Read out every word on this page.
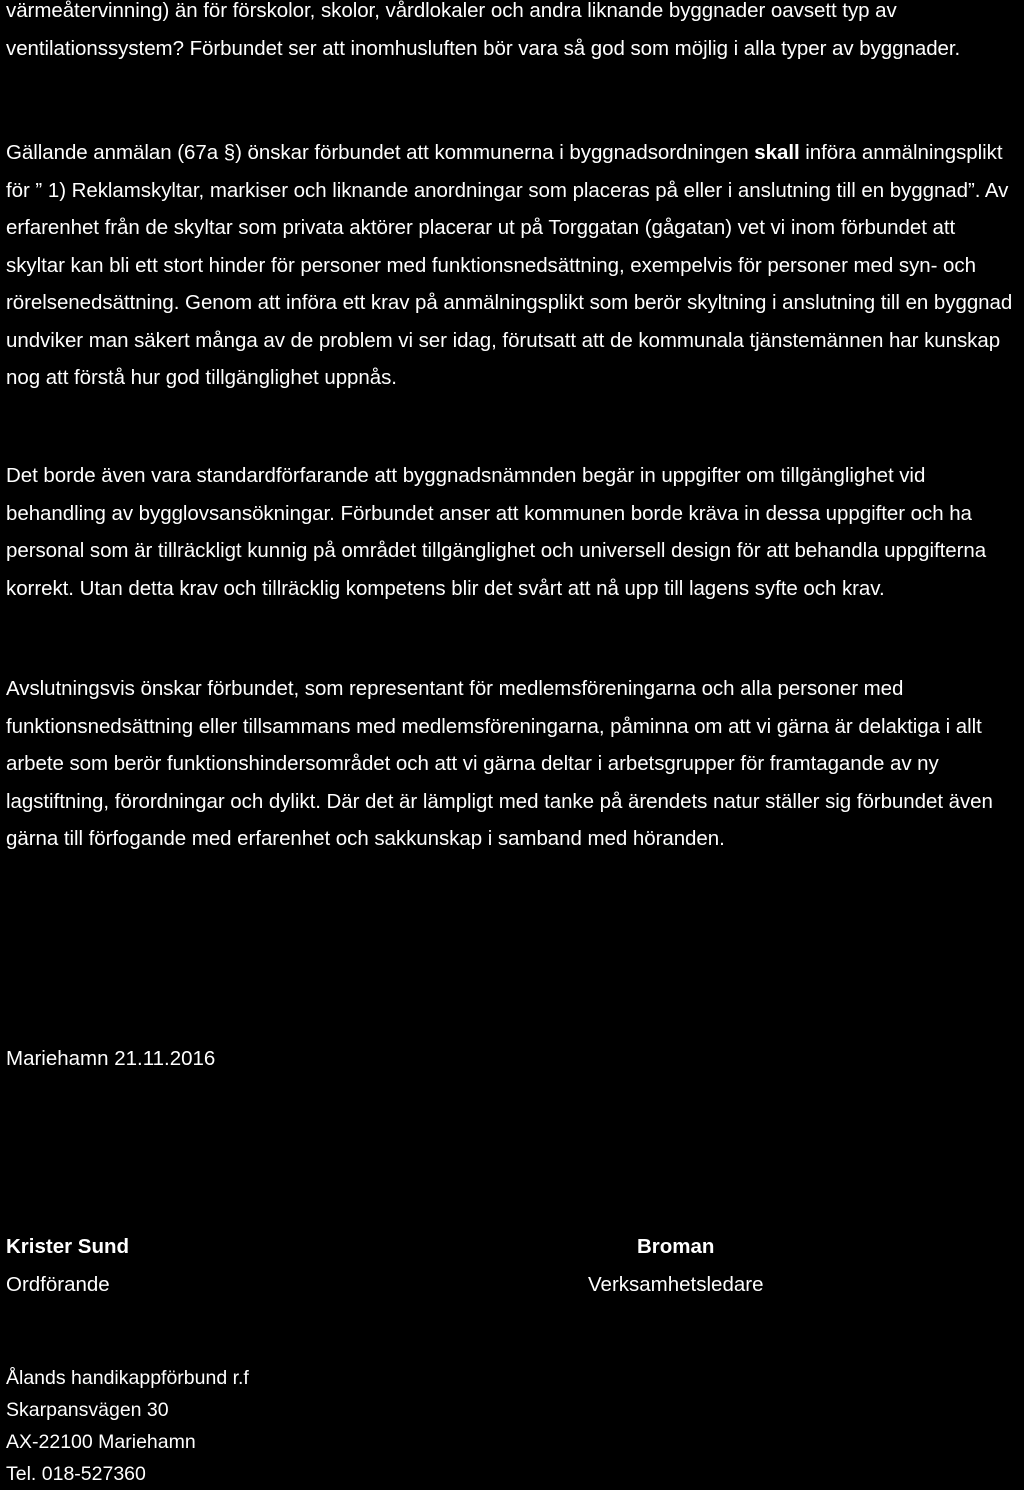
värmeåtervinning) än för förskolor, skolor, vårdlokaler och andra liknande byggnader oavsett typ av ventilationssystem? Förbundet ser att inomhusluften bör vara så god som möjlig i alla typer av byggnader.

Gällande anmälan (67a §) önskar förbundet att kommunerna i byggnadsordningen skall införa anmälningsplikt för ” 1) Reklamskyltar, markiser och liknande anordningar som placeras på eller i anslutning till en byggnad”. Av erfarenhet från de skyltar som privata aktörer placerar ut på Torggatan (gågatan) vet vi inom förbundet att skyltar kan bli ett stort hinder för personer med funktionsnedsättning, exempelvis för personer med syn- och rörelsenedsättning. Genom att införa ett krav på anmälningsplikt som berör skyltning i anslutning till en byggnad undviker man säkert många av de problem vi ser idag, förutsatt att de kommunala tjänstemännen har kunskap nog att förstå hur god tillgänglighet uppnås.

Det borde även vara standardförfarande att byggnadsnämnden begär in uppgifter om tillgänglighet vid behandling av bygglovsansökningar. Förbundet anser att kommunen borde kräva in dessa uppgifter och ha personal som är tillräckligt kunnig på området tillgänglighet och universell design för att behandla uppgifterna korrekt. Utan detta krav och tillräcklig kompetens blir det svårt att nå upp till lagens syfte och krav.

Avslutningsvis önskar förbundet, som representant för medlemsföreningarna och alla personer med funktionsnedsättning eller tillsammans med medlemsföreningarna, påminna om att vi gärna är delaktiga i allt arbete som berör funktionshindersområdet och att vi gärna deltar i arbetsgrupper för framtagande av ny lagstiftning, förordningar och dylikt. Där det är lämpligt med tanke på ärendets natur ställer sig förbundet även gärna till förfogande med erfarenhet och sakkunskap i samband med höranden.

Mariehamn 21.11.2016

Krister Sund
Ordförande
Broman
Verksamhetsledare
Ålands handikappförbund r.f
Skarpansvägen 30
AX-22100 Mariehamn
Tel. 018-527360
